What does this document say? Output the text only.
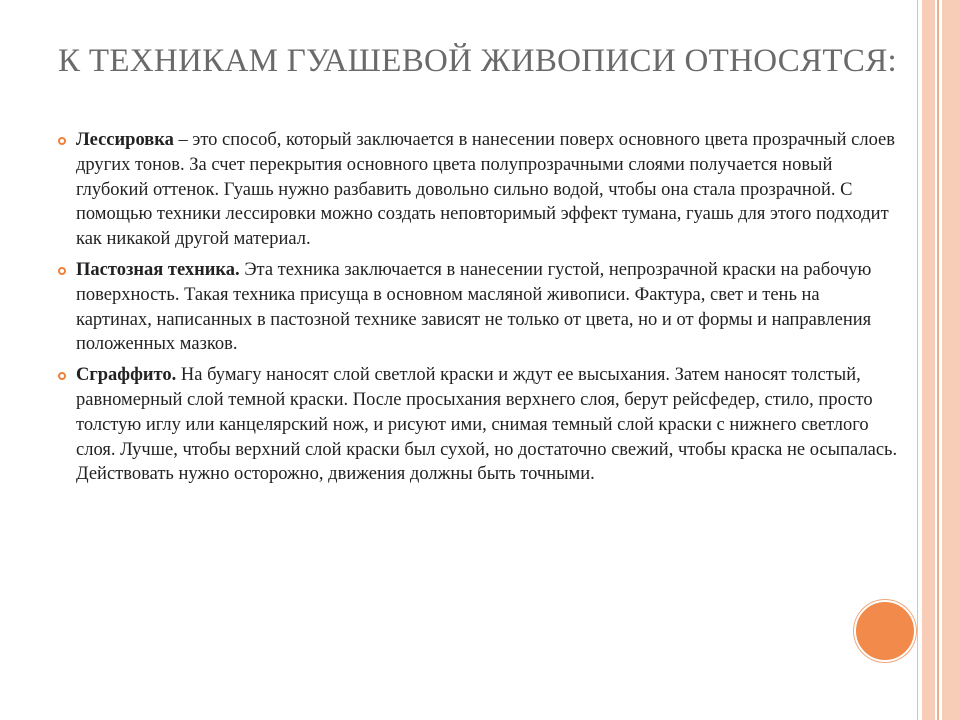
К ТЕХНИКАМ ГУАШЕВОЙ ЖИВОПИСИ ОТНОСЯТСЯ:
Лессировка – это способ, который заключается в нанесении поверх основного цвета прозрачный слоев других тонов. За счет перекрытия основного цвета полупрозрачными слоями получается новый глубокий оттенок. Гуашь нужно разбавить довольно сильно водой, чтобы она стала прозрачной. С помощью техники лессировки можно создать неповторимый эффект тумана, гуашь для этого подходит как никакой другой материал.
Пастозная техника. Эта техника заключается в нанесении густой, непрозрачной краски на рабочую поверхность. Такая техника присуща в основном масляной живописи. Фактура, свет и тень на картинах, написанных в пастозной технике зависят не только от цвета, но и от формы и направления положенных мазков.
Сграффито. На бумагу наносят слой светлой краски и ждут ее высыхания. Затем наносят толстый, равномерный слой темной краски. После просыхания верхнего слоя, берут рейсфедер, стило, просто толстую иглу или канцелярский нож, и рисуют ими, снимая темный слой краски с нижнего светлого слоя. Лучше, чтобы верхний слой краски был сухой, но достаточно свежий, чтобы краска не осыпалась. Действовать нужно осторожно, движения должны быть точными.
